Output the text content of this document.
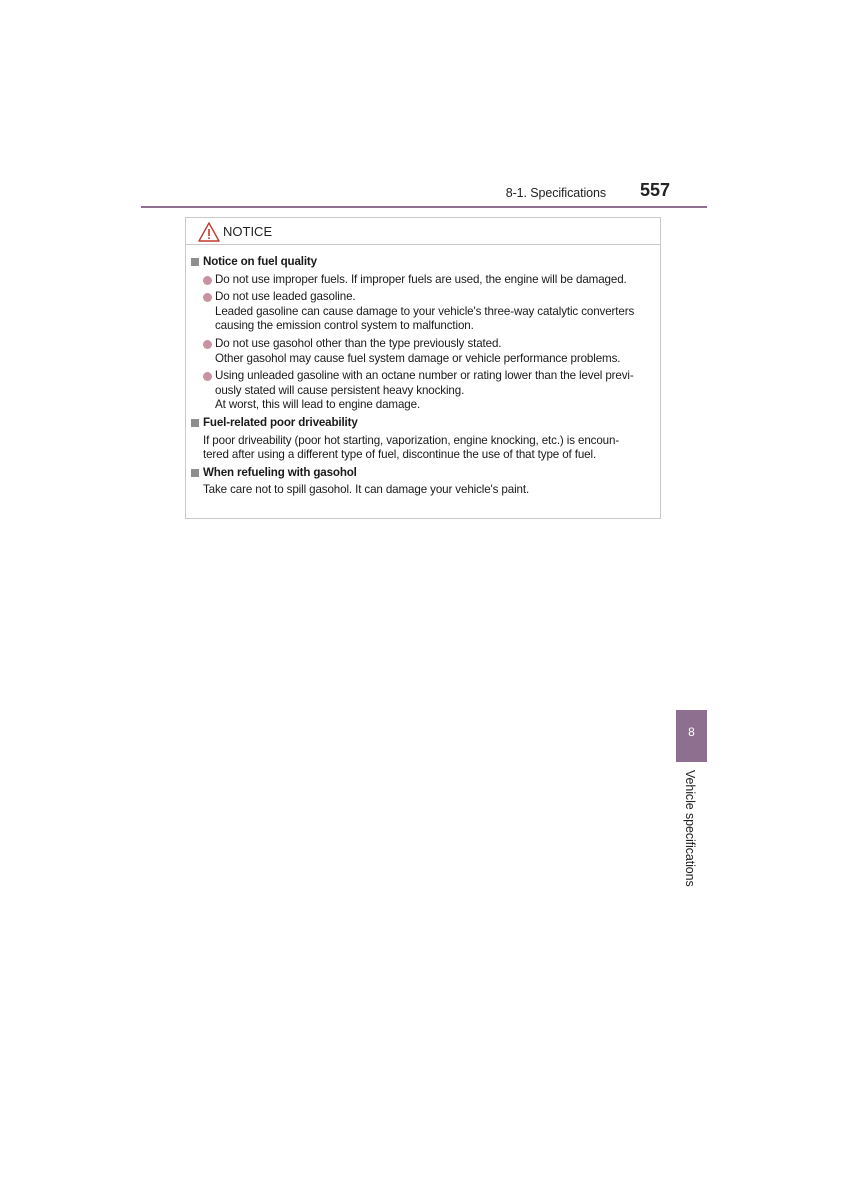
8-1. Specifications 557
NOTICE
Notice on fuel quality
Do not use improper fuels. If improper fuels are used, the engine will be damaged.
Do not use leaded gasoline.
Leaded gasoline can cause damage to your vehicle's three-way catalytic converters
causing the emission control system to malfunction.
Do not use gasohol other than the type previously stated.
Other gasohol may cause fuel system damage or vehicle performance problems.
Using unleaded gasoline with an octane number or rating lower than the level previ-
ously stated will cause persistent heavy knocking.
At worst, this will lead to engine damage.
Fuel-related poor driveability
If poor driveability (poor hot starting, vaporization, engine knocking, etc.) is encoun-
tered after using a different type of fuel, discontinue the use of that type of fuel.
When refueling with gasohol
Take care not to spill gasohol. It can damage your vehicle's paint.
8
Vehicle specifications
